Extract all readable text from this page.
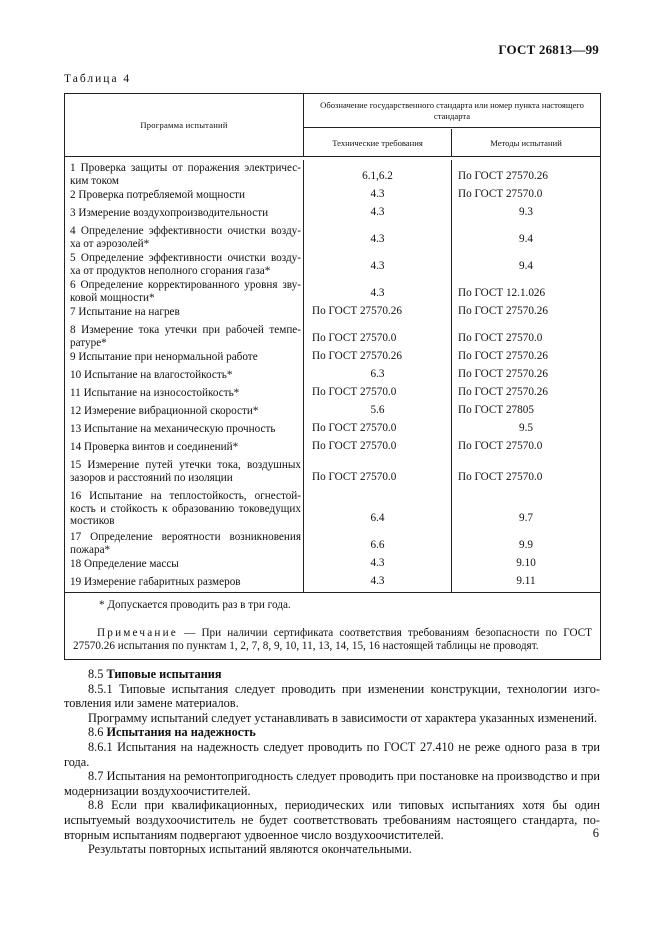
ГОСТ 26813—99
Таблица 4
Программа испытаний
Обозначение государственного стандарта или номер пункта настоящего стандарта
Технические требования	Методы испытаний
1 Проверка защиты от поражения электричес-ким током	6.1,6.2	По ГОСТ 27570.26
2 Проверка потребляемой мощности	4.3	По ГОСТ 27570.0
3 Измерение воздухопроизводительности	4.3	9.3
4 Определение эффективности очистки возду-ха от аэрозолей*	4.3	9.4
5 Определение эффективности очистки возду-ха от продуктов неполного сгорания газа*	4.3	9.4
6 Определение корректированного уровня зву-ковой мощности*	4.3	По ГОСТ 12.1.026
7 Испытание на нагрев	По ГОСТ 27570.26	По ГОСТ 27570.26
8 Измерение тока утечки при рабочей темпе-ратуре*	По ГОСТ 27570.0	По ГОСТ 27570.0
9 Испытание при ненормальной работе	По ГОСТ 27570.26	По ГОСТ 27570.26
10 Испытание на влагостойкость*	6.3	По ГОСТ 27570.26
11 Испытание на износостойкость*	По ГОСТ 27570.0	По ГОСТ 27570.26
12 Измерение вибрационной скорости*	5.6	По ГОСТ 27805
13 Испытание на механическую прочность	По ГОСТ 27570.0	9.5
14 Проверка винтов и соединений*	По ГОСТ 27570.0	По ГОСТ 27570.0
15 Измерение путей утечки тока, воздушных зазоров и расстояний по изоляции	По ГОСТ 27570.0	По ГОСТ 27570.0
16 Испытание на теплостойкость, огнестой-кость и стойкость к образованию токоведущих мостиков	6.4	9.7
17 Определение вероятности возникновения пожара*	6.6	9.9
18 Определение массы	4.3	9.10
19 Измерение габаритных размеров	4.3	9.11
* Допускается проводить раз в три года.
Примечание — При наличии сертификата соответствия требованиям безопасности по ГОСТ 27570.26 испытания по пунктам 1, 2, 7, 8, 9, 10, 11, 13, 14, 15, 16 настоящей таблицы не проводят.

8.5 Типовые испытания

8.5.1 Типовые испытания следует проводить при изменении конструкции, технологии изго-товления или замене материалов.

Программу испытаний следует устанавливать в зависимости от характера указанных изменений.

8.6 Испытания на надежность

8.6.1 Испытания на надежность следует проводить по ГОСТ 27.410 не реже одного раза в три года.

8.7 Испытания на ремонтопригодность следует проводить при постановке на производство и при модернизации воздухоочистителей.

8.8 Если при квалификационных, периодических или типовых испытаниях хотя бы один испытуемый воздухоочиститель не будет соответствовать требованиям настоящего стандарта, по-вторным испытаниям подвергают удвоенное число воздухоочистителей.

Результаты повторных испытаний являются окончательными.

6
